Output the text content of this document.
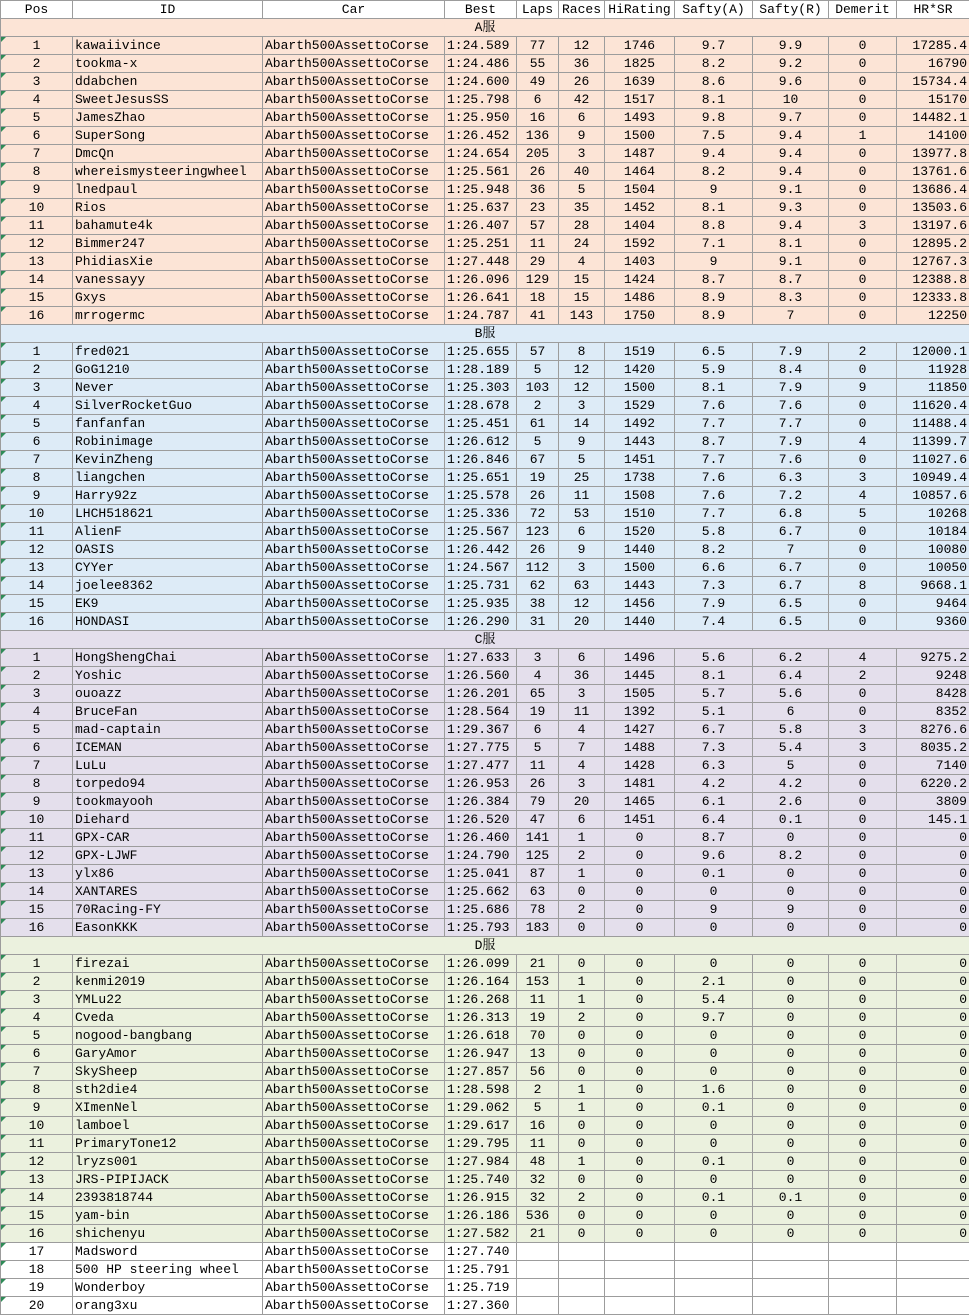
Pos	ID	Car	Best	Laps	Races	HiRating	Safty(A)	Safty(R)	Demerit	HR*SR
A服										
1	kawaiivince	Abarth500AssettoCorse	1:24.589	77	12	1746	9.7	9.9	0	17285.4
2	tookma-x	Abarth500AssettoCorse	1:24.486	55	36	1825	8.2	9.2	0	16790
3	ddabchen	Abarth500AssettoCorse	1:24.600	49	26	1639	8.6	9.6	0	15734.4
4	SweetJesusSS	Abarth500AssettoCorse	1:25.798	6	42	1517	8.1	10	0	15170
5	JamesZhao	Abarth500AssettoCorse	1:25.950	16	6	1493	9.8	9.7	0	14482.1
6	SuperSong	Abarth500AssettoCorse	1:26.452	136	9	1500	7.5	9.4	1	14100
7	DmcQn	Abarth500AssettoCorse	1:24.654	205	3	1487	9.4	9.4	0	13977.8
8	whereismysteeringwheel	Abarth500AssettoCorse	1:25.561	26	40	1464	8.2	9.4	0	13761.6
9	lnedpaul	Abarth500AssettoCorse	1:25.948	36	5	1504	9	9.1	0	13686.4
10	Rios	Abarth500AssettoCorse	1:25.637	23	35	1452	8.1	9.3	0	13503.6
11	bahamute4k	Abarth500AssettoCorse	1:26.407	57	28	1404	8.8	9.4	3	13197.6
12	Bimmer247	Abarth500AssettoCorse	1:25.251	11	24	1592	7.1	8.1	0	12895.2
13	PhidiasXie	Abarth500AssettoCorse	1:27.448	29	4	1403	9	9.1	0	12767.3
14	vanessayy	Abarth500AssettoCorse	1:26.096	129	15	1424	8.7	8.7	0	12388.8
15	Gxys	Abarth500AssettoCorse	1:26.641	18	15	1486	8.9	8.3	0	12333.8
16	mrrogermc	Abarth500AssettoCorse	1:24.787	41	143	1750	8.9	7	0	12250
B服										
1	fred021	Abarth500AssettoCorse	1:25.655	57	8	1519	6.5	7.9	2	12000.1
2	GoG1210	Abarth500AssettoCorse	1:28.189	5	12	1420	5.9	8.4	0	11928
3	Never	Abarth500AssettoCorse	1:25.303	103	12	1500	8.1	7.9	9	11850
4	SilverRocketGuo	Abarth500AssettoCorse	1:28.678	2	3	1529	7.6	7.6	0	11620.4
5	fanfanfan	Abarth500AssettoCorse	1:25.451	61	14	1492	7.7	7.7	0	11488.4
6	Robinimage	Abarth500AssettoCorse	1:26.612	5	9	1443	8.7	7.9	4	11399.7
7	KevinZheng	Abarth500AssettoCorse	1:26.846	67	5	1451	7.7	7.6	0	11027.6
8	liangchen	Abarth500AssettoCorse	1:25.651	19	25	1738	7.6	6.3	3	10949.4
9	Harry92z	Abarth500AssettoCorse	1:25.578	26	11	1508	7.6	7.2	4	10857.6
10	LHCH518621	Abarth500AssettoCorse	1:25.336	72	53	1510	7.7	6.8	5	10268
11	AlienF	Abarth500AssettoCorse	1:25.567	123	6	1520	5.8	6.7	0	10184
12	OASIS	Abarth500AssettoCorse	1:26.442	26	9	1440	8.2	7	0	10080
13	CYYer	Abarth500AssettoCorse	1:24.567	112	3	1500	6.6	6.7	0	10050
14	joelee8362	Abarth500AssettoCorse	1:25.731	62	63	1443	7.3	6.7	8	9668.1
15	EK9	Abarth500AssettoCorse	1:25.935	38	12	1456	7.9	6.5	0	9464
16	HONDASI	Abarth500AssettoCorse	1:26.290	31	20	1440	7.4	6.5	0	9360
C服										
1	HongShengChai	Abarth500AssettoCorse	1:27.633	3	6	1496	5.6	6.2	4	9275.2
2	Yoshic	Abarth500AssettoCorse	1:26.560	4	36	1445	8.1	6.4	2	9248
3	ouoazz	Abarth500AssettoCorse	1:26.201	65	3	1505	5.7	5.6	0	8428
4	BruceFan	Abarth500AssettoCorse	1:28.564	19	11	1392	5.1	6	0	8352
5	mad-captain	Abarth500AssettoCorse	1:29.367	6	4	1427	6.7	5.8	3	8276.6
6	ICEMAN	Abarth500AssettoCorse	1:27.775	5	7	1488	7.3	5.4	3	8035.2
7	LuLu	Abarth500AssettoCorse	1:27.477	11	4	1428	6.3	5	0	7140
8	torpedo94	Abarth500AssettoCorse	1:26.953	26	3	1481	4.2	4.2	0	6220.2
9	tookmayooh	Abarth500AssettoCorse	1:26.384	79	20	1465	6.1	2.6	0	3809
10	Diehard	Abarth500AssettoCorse	1:26.520	47	6	1451	6.4	0.1	0	145.1
11	GPX-CAR	Abarth500AssettoCorse	1:26.460	141	1	0	8.7	0	0	0
12	GPX-LJWF	Abarth500AssettoCorse	1:24.790	125	2	0	9.6	8.2	0	0
13	ylx86	Abarth500AssettoCorse	1:25.041	87	1	0	0.1	0	0	0
14	XANTARES	Abarth500AssettoCorse	1:25.662	63	0	0	0	0	0	0
15	70Racing-FY	Abarth500AssettoCorse	1:25.686	78	2	0	9	9	0	0
16	EasonKKK	Abarth500AssettoCorse	1:25.793	183	0	0	0	0	0	0
D服										
1	firezai	Abarth500AssettoCorse	1:26.099	21	0	0	0	0	0	0
2	kenmi2019	Abarth500AssettoCorse	1:26.164	153	1	0	2.1	0	0	0
3	YMLu22	Abarth500AssettoCorse	1:26.268	11	1	0	5.4	0	0	0
4	Cveda	Abarth500AssettoCorse	1:26.313	19	2	0	9.7	0	0	0
5	nogood-bangbang	Abarth500AssettoCorse	1:26.618	70	0	0	0	0	0	0
6	GaryAmor	Abarth500AssettoCorse	1:26.947	13	0	0	0	0	0	0
7	SkySheep	Abarth500AssettoCorse	1:27.857	56	0	0	0	0	0	0
8	sth2die4	Abarth500AssettoCorse	1:28.598	2	1	0	1.6	0	0	0
9	XImenNel	Abarth500AssettoCorse	1:29.062	5	1	0	0.1	0	0	0
10	lamboel	Abarth500AssettoCorse	1:29.617	16	0	0	0	0	0	0
11	PrimaryTone12	Abarth500AssettoCorse	1:29.795	11	0	0	0	0	0	0
12	lryzs001	Abarth500AssettoCorse	1:27.984	48	1	0	0.1	0	0	0
13	JRS-PIPIJACK	Abarth500AssettoCorse	1:25.740	32	0	0	0	0	0	0
14	2393818744	Abarth500AssettoCorse	1:26.915	32	2	0	0.1	0.1	0	0
15	yam-bin	Abarth500AssettoCorse	1:26.186	536	0	0	0	0	0	0
16	shichenyu	Abarth500AssettoCorse	1:27.582	21	0	0	0	0	0	0
17	Madsword	Abarth500AssettoCorse	1:27.740							
18	500 HP steering wheel	Abarth500AssettoCorse	1:25.791							
19	Wonderboy	Abarth500AssettoCorse	1:25.719							
20	orang3xu	Abarth500AssettoCorse	1:27.360							
